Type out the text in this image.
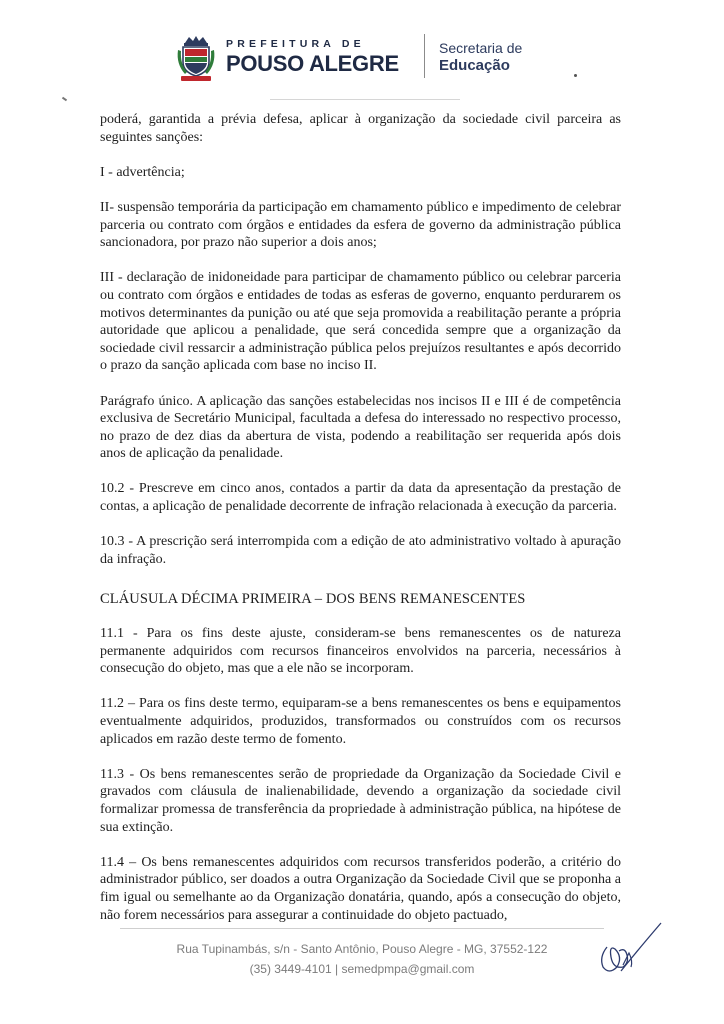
PREFEITURA DE
POUSO ALEGRE
Secretaria de
Educação

poderá, garantida a prévia defesa, aplicar à organização da sociedade civil parceira as seguintes sanções:

I - advertência;

II- suspensão temporária da participação em chamamento público e impedimento de celebrar parceria ou contrato com órgãos e entidades da esfera de governo da administração pública sancionadora, por prazo não superior a dois anos;

III - declaração de inidoneidade para participar de chamamento público ou celebrar parceria ou contrato com órgãos e entidades de todas as esferas de governo, enquanto perdurarem os motivos determinantes da punição ou até que seja promovida a reabilitação perante a própria autoridade que aplicou a penalidade, que será concedida sempre que a organização da sociedade civil ressarcir a administração pública pelos prejuízos resultantes e após decorrido o prazo da sanção aplicada com base no inciso II.

Parágrafo único. A aplicação das sanções estabelecidas nos incisos II e III é de competência exclusiva de Secretário Municipal, facultada a defesa do interessado no respectivo processo, no prazo de dez dias da abertura de vista, podendo a reabilitação ser requerida após dois anos de aplicação da penalidade.

10.2 - Prescreve em cinco anos, contados a partir da data da apresentação da prestação de contas, a aplicação de penalidade decorrente de infração relacionada à execução da parceria.

10.3 - A prescrição será interrompida com a edição de ato administrativo voltado à apuração da infração.

CLÁUSULA DÉCIMA PRIMEIRA – DOS BENS REMANESCENTES

11.1 - Para os fins deste ajuste, consideram-se bens remanescentes os de natureza permanente adquiridos com recursos financeiros envolvidos na parceria, necessários à consecução do objeto, mas que a ele não se incorporam.

11.2 – Para os fins deste termo, equiparam-se a bens remanescentes os bens e equipamentos eventualmente adquiridos, produzidos, transformados ou construídos com os recursos aplicados em razão deste termo de fomento.

11.3 - Os bens remanescentes serão de propriedade da Organização da Sociedade Civil e gravados com cláusula de inalienabilidade, devendo a organização da sociedade civil formalizar promessa de transferência da propriedade à administração pública, na hipótese de sua extinção.

11.4 – Os bens remanescentes adquiridos com recursos transferidos poderão, a critério do administrador público, ser doados a outra Organização da Sociedade Civil que se proponha a fim igual ou semelhante ao da Organização donatária, quando, após a consecução do objeto, não forem necessários para assegurar a continuidade do objeto pactuado,

Rua Tupinambás, s/n - Santo Antônio, Pouso Alegre - MG, 37552-122
(35) 3449-4101 | semedpmpa@gmail.com
